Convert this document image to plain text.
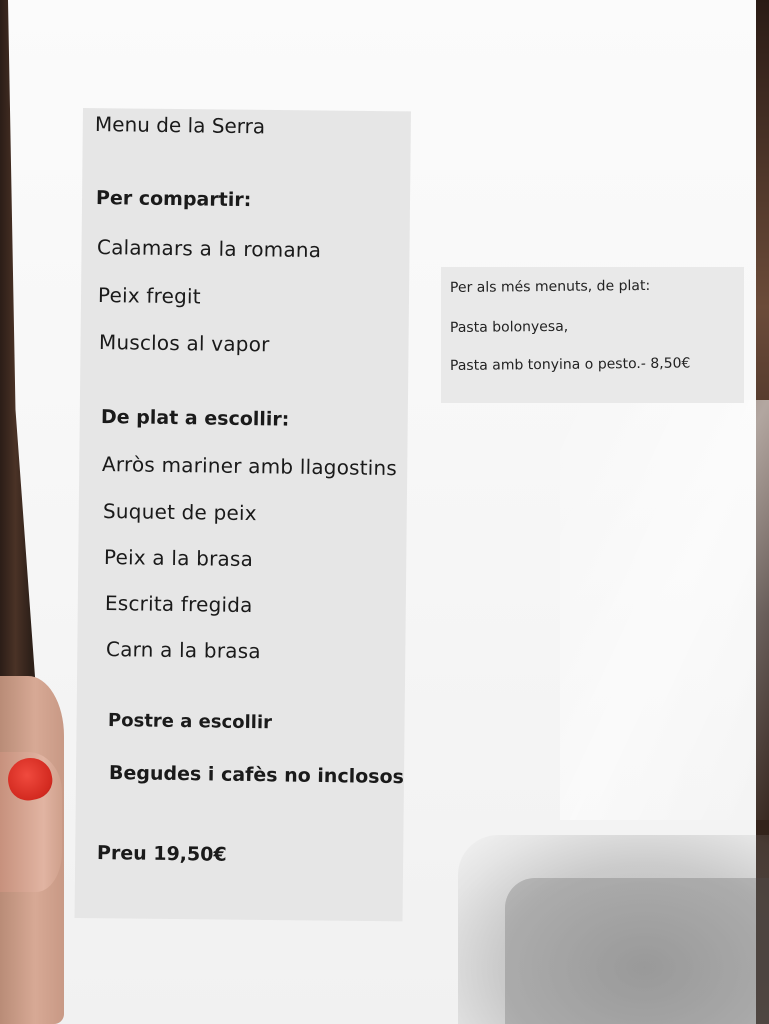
Menu de la Serra
Per compartir:
Calamars a la romana
Peix fregit
Musclos al vapor
De plat a escollir:
Arròs mariner amb llagostins
Suquet de peix
Peix a la brasa
Escrita fregida
Carn a la brasa
Postre a escollir
Begudes i cafès no inclosos
Preu 19,50€
Per als més menuts, de plat:
Pasta bolonyesa,
Pasta amb tonyina o pesto.- 8,50€
